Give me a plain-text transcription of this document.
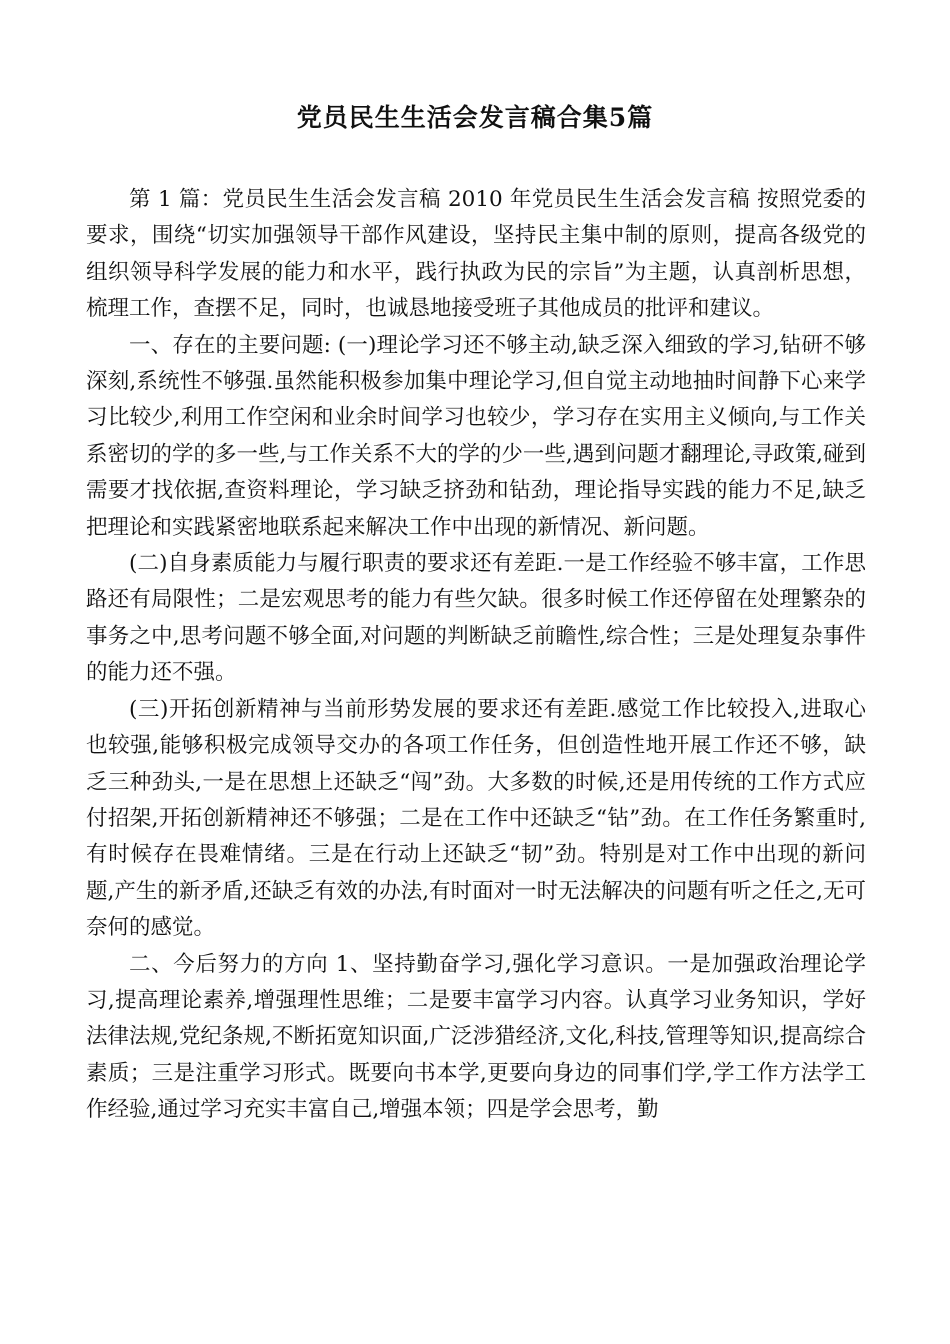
党员民生生活会发言稿合集5篇

第 1 篇：党员民生生活会发言稿 2010 年党员民生生活会发言稿 按照党委的要求，围绕“切实加强领导干部作风建设，坚持民主集中制的原则，提高各级党的组织领导科学发展的能力和水平，践行执政为民的宗旨”为主题，认真剖析思想，梳理工作，查摆不足，同时，也诚恳地接受班子其他成员的批评和建议。

一、存在的主要问题: (一)理论学习还不够主动,缺乏深入细致的学习,钻研不够深刻,系统性不够强.虽然能积极参加集中理论学习,但自觉主动地抽时间静下心来学习比较少,利用工作空闲和业余时间学习也较少，学习存在实用主义倾向,与工作关系密切的学的多一些,与工作关系不大的学的少一些,遇到问题才翻理论,寻政策,碰到需要才找依据,查资料理论，学习缺乏挤劲和钻劲，理论指导实践的能力不足,缺乏把理论和实践紧密地联系起来解决工作中出现的新情况、新问题。

(二)自身素质能力与履行职责的要求还有差距.一是工作经验不够丰富，工作思路还有局限性；二是宏观思考的能力有些欠缺。很多时候工作还停留在处理繁杂的事务之中,思考问题不够全面,对问题的判断缺乏前瞻性,综合性；三是处理复杂事件的能力还不强。

(三)开拓创新精神与当前形势发展的要求还有差距.感觉工作比较投入,进取心也较强,能够积极完成领导交办的各项工作任务，但创造性地开展工作还不够，缺乏三种劲头,一是在思想上还缺乏“闯”劲。大多数的时候,还是用传统的工作方式应付招架,开拓创新精神还不够强；二是在工作中还缺乏“钻”劲。在工作任务繁重时,有时候存在畏难情绪。三是在行动上还缺乏“韧”劲。特别是对工作中出现的新问题,产生的新矛盾,还缺乏有效的办法,有时面对一时无法解决的问题有听之任之,无可奈何的感觉。

二、今后努力的方向 1、坚持勤奋学习,强化学习意识。一是加强政治理论学习,提高理论素养,增强理性思维；二是要丰富学习内容。认真学习业务知识，学好法律法规,党纪条规,不断拓宽知识面,广泛涉猎经济,文化,科技,管理等知识,提高综合素质；三是注重学习形式。既要向书本学,更要向身边的同事们学,学工作方法学工作经验,通过学习充实丰富自己,增强本领；四是学会思考，勤
